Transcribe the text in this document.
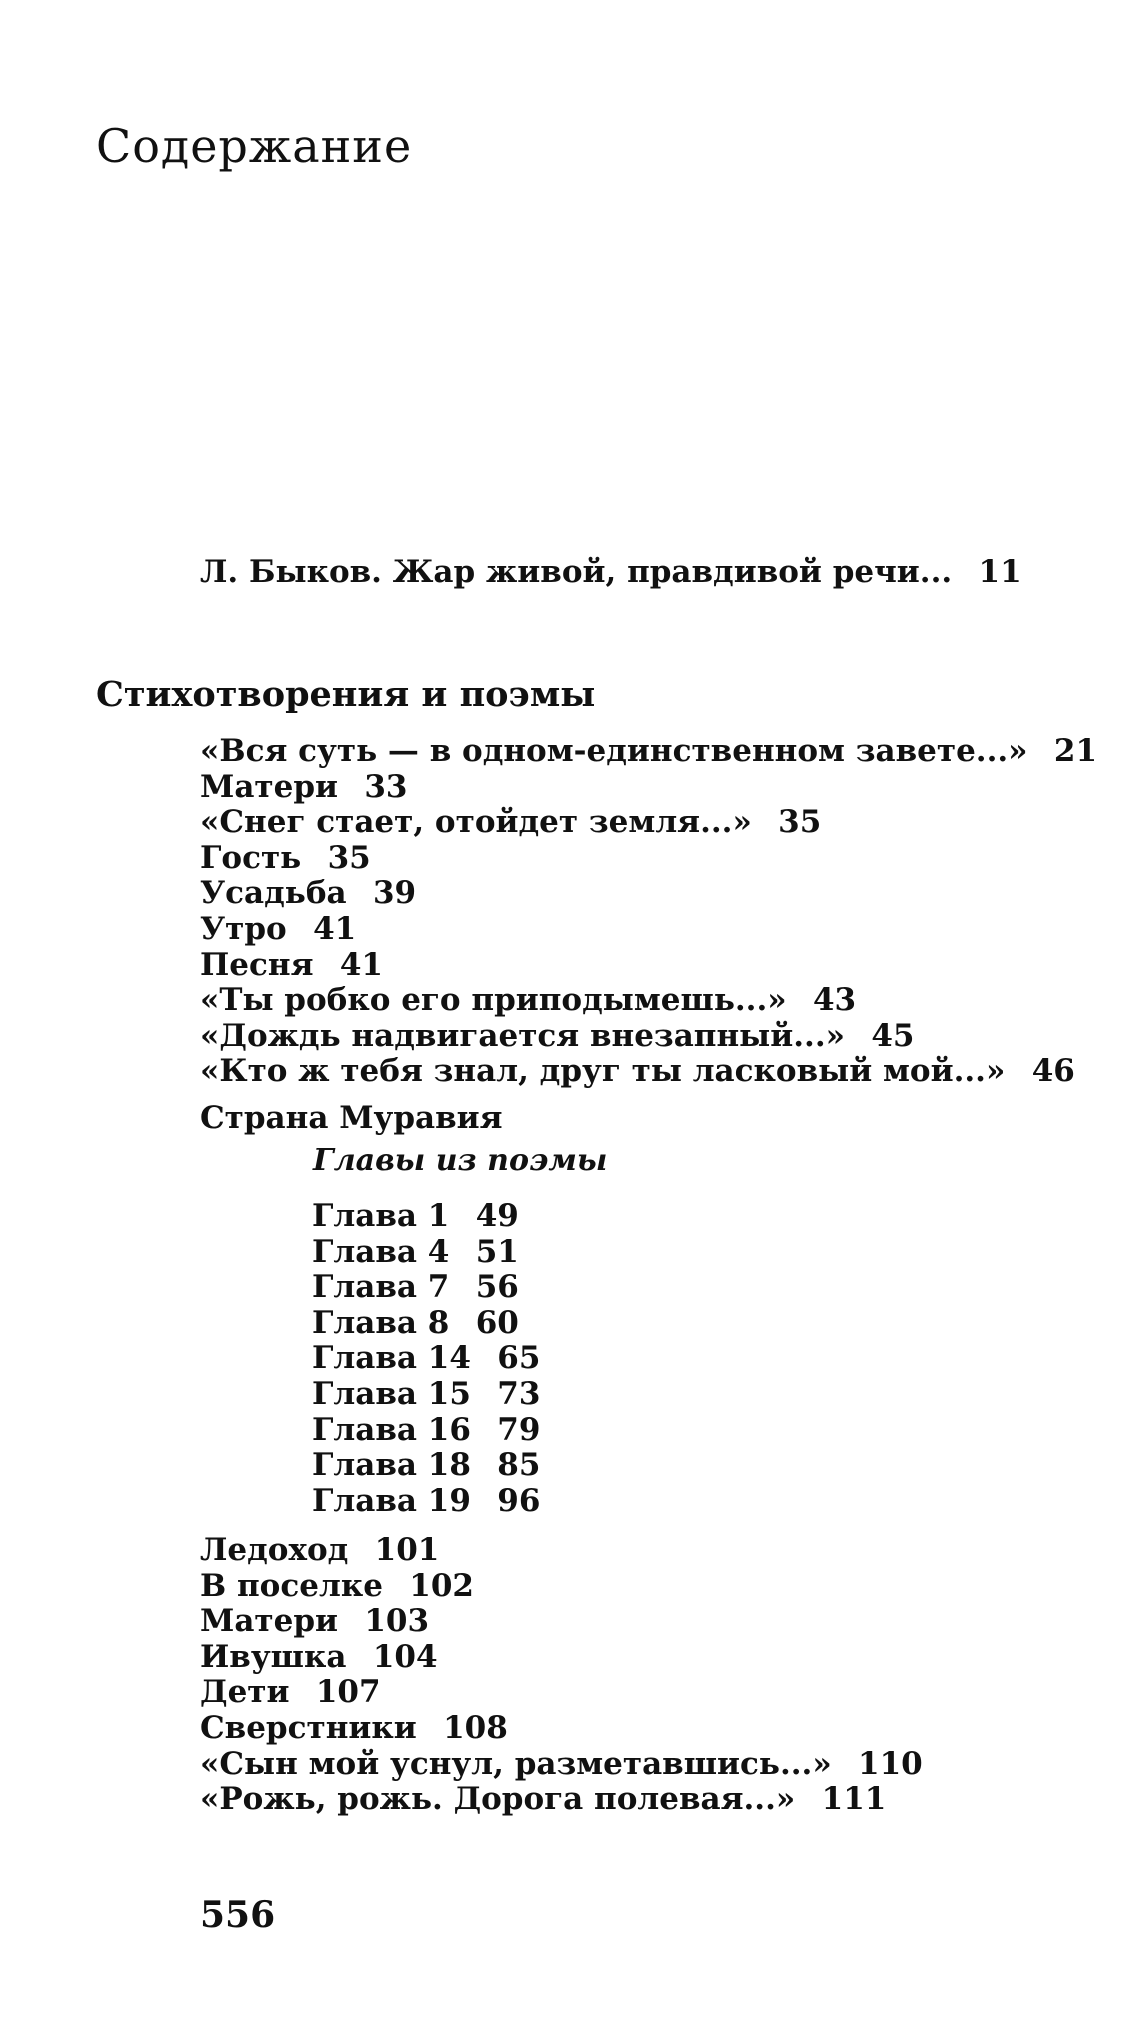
Содержание
Л. Быков. Жар живой, правдивой речи... 11
Стихотворения и поэмы
«Вся суть — в одном-единственном завете...» 21
Матери 33
«Снег стает, отойдет земля...» 35
Гость 35
Усадьба 39
Утро 41
Песня 41
«Ты робко его приподымешь...» 43
«Дождь надвигается внезапный...» 45
«Кто ж тебя знал, друг ты ласковый мой...» 46
Страна Муравия
Главы из поэмы
Глава 1 49
Глава 4 51
Глава 7 56
Глава 8 60
Глава 14 65
Глава 15 73
Глава 16 79
Глава 18 85
Глава 19 96
Ледоход 101
В поселке 102
Матери 103
Ивушка 104
Дети 107
Сверстники 108
«Сын мой уснул, разметавшись...» 110
«Рожь, рожь. Дорога полевая...» 111
556
